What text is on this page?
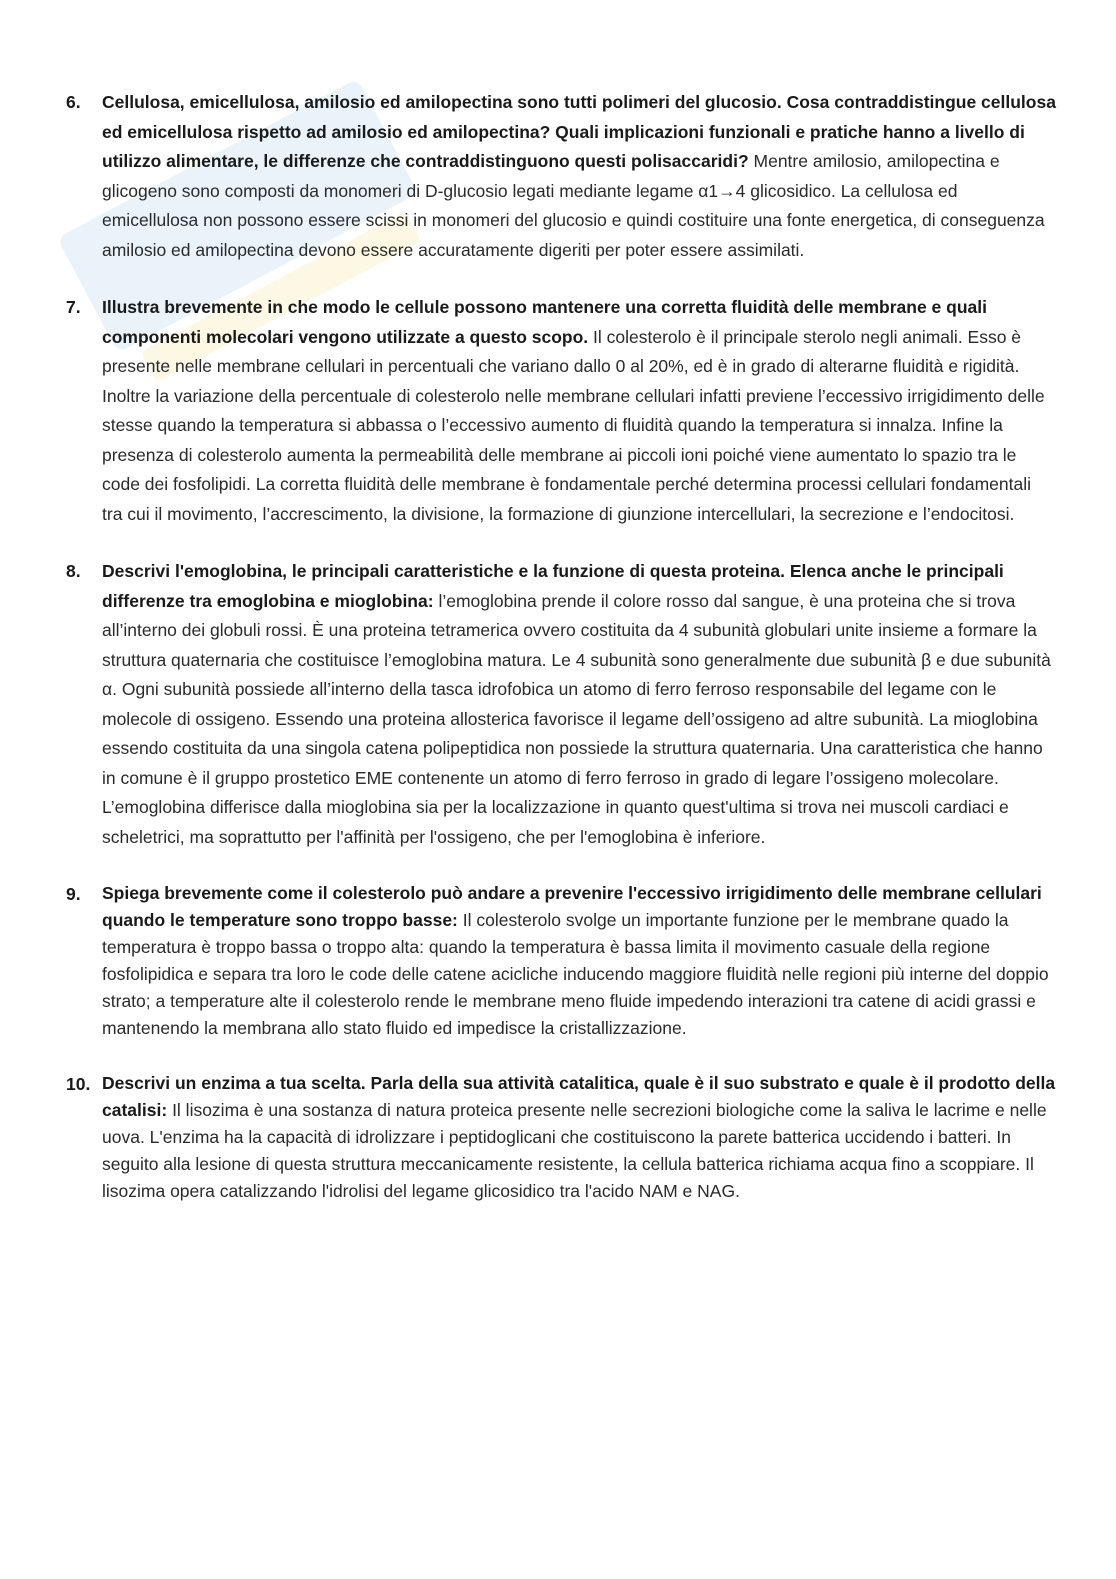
6. Cellulosa, emicellulosa, amilosio ed amilopectina sono tutti polimeri del glucosio. Cosa contraddistingue cellulosa ed emicellulosa rispetto ad amilosio ed amilopectina? Quali implicazioni funzionali e pratiche hanno a livello di utilizzo alimentare, le differenze che contraddistinguono questi polisaccaridi? Mentre amilosio, amilopectina e glicogeno sono composti da monomeri di D-glucosio legati mediante legame α1→4 glicosidico. La cellulosa ed emicellulosa non possono essere scissi in monomeri del glucosio e quindi costituire una fonte energetica, di conseguenza amilosio ed amilopectina devono essere accuratamente digeriti per poter essere assimilati.

7. Illustra brevemente in che modo le cellule possono mantenere una corretta fluidità delle membrane e quali componenti molecolari vengono utilizzate a questo scopo. Il colesterolo è il principale sterolo negli animali. Esso è presente nelle membrane cellulari in percentuali che variano dallo 0 al 20%, ed è in grado di alterarne fluidità e rigidità. Inoltre la variazione della percentuale di colesterolo nelle membrane cellulari infatti previene l’eccessivo irrigidimento delle stesse quando la temperatura si abbassa o l’eccessivo aumento di fluidità quando la temperatura si innalza. Infine la presenza di colesterolo aumenta la permeabilità delle membrane ai piccoli ioni poiché viene aumentato lo spazio tra le code dei fosfolipidi. La corretta fluidità delle membrane è fondamentale perché determina processi cellulari fondamentali tra cui il movimento, l’accrescimento, la divisione, la formazione di giunzione intercellulari, la secrezione e l’endocitosi.

8. Descrivi l'emoglobina, le principali caratteristiche e la funzione di questa proteina. Elenca anche le principali differenze tra emoglobina e mioglobina: l’emoglobina prende il colore rosso dal sangue, è una proteina che si trova all’interno dei globuli rossi. È una proteina tetramerica ovvero costituita da 4 subunità globulari unite insieme a formare la struttura quaternaria che costituisce l’emoglobina matura. Le 4 subunità sono generalmente due subunità β e due subunità α. Ogni subunità possiede all’interno della tasca idrofobica un atomo di ferro ferroso responsabile del legame con le molecole di ossigeno. Essendo una proteina allosterica favorisce il legame dell’ossigeno ad altre subunità. La mioglobina essendo costituita da una singola catena polipeptidica non possiede la struttura quaternaria. Una caratteristica che hanno in comune è il gruppo prostetico EME contenente un atomo di ferro ferroso in grado di legare l’ossigeno molecolare. L’emoglobina differisce dalla mioglobina sia per la localizzazione in quanto quest'ultima si trova nei muscoli cardiaci e scheletrici, ma soprattutto per l'affinità per l'ossigeno, che per l'emoglobina è inferiore.

9. Spiega brevemente come il colesterolo può andare a prevenire l'eccessivo irrigidimento delle membrane cellulari quando le temperature sono troppo basse: Il colesterolo svolge un importante funzione per le membrane quado la temperatura è troppo bassa o troppo alta: quando la temperatura è bassa limita il movimento casuale della regione fosfolipidica e separa tra loro le code delle catene acicliche inducendo maggiore fluidità nelle regioni più interne del doppio strato; a temperature alte il colesterolo rende le membrane meno fluide impedendo interazioni tra catene di acidi grassi e mantenendo la membrana allo stato fluido ed impedisce la cristallizzazione.

10. Descrivi un enzima a tua scelta. Parla della sua attività catalitica, quale è il suo substrato e quale è il prodotto della catalisi: Il lisozima è una sostanza di natura proteica presente nelle secrezioni biologiche come la saliva le lacrime e nelle uova. L'enzima ha la capacità di idrolizzare i peptidoglicani che costituiscono la parete batterica uccidendo i batteri. In seguito alla lesione di questa struttura meccanicamente resistente, la cellula batterica richiama acqua fino a scoppiare. Il lisozima opera catalizzando l'idrolisi del legame glicosidico tra l'acido NAM e NAG.
